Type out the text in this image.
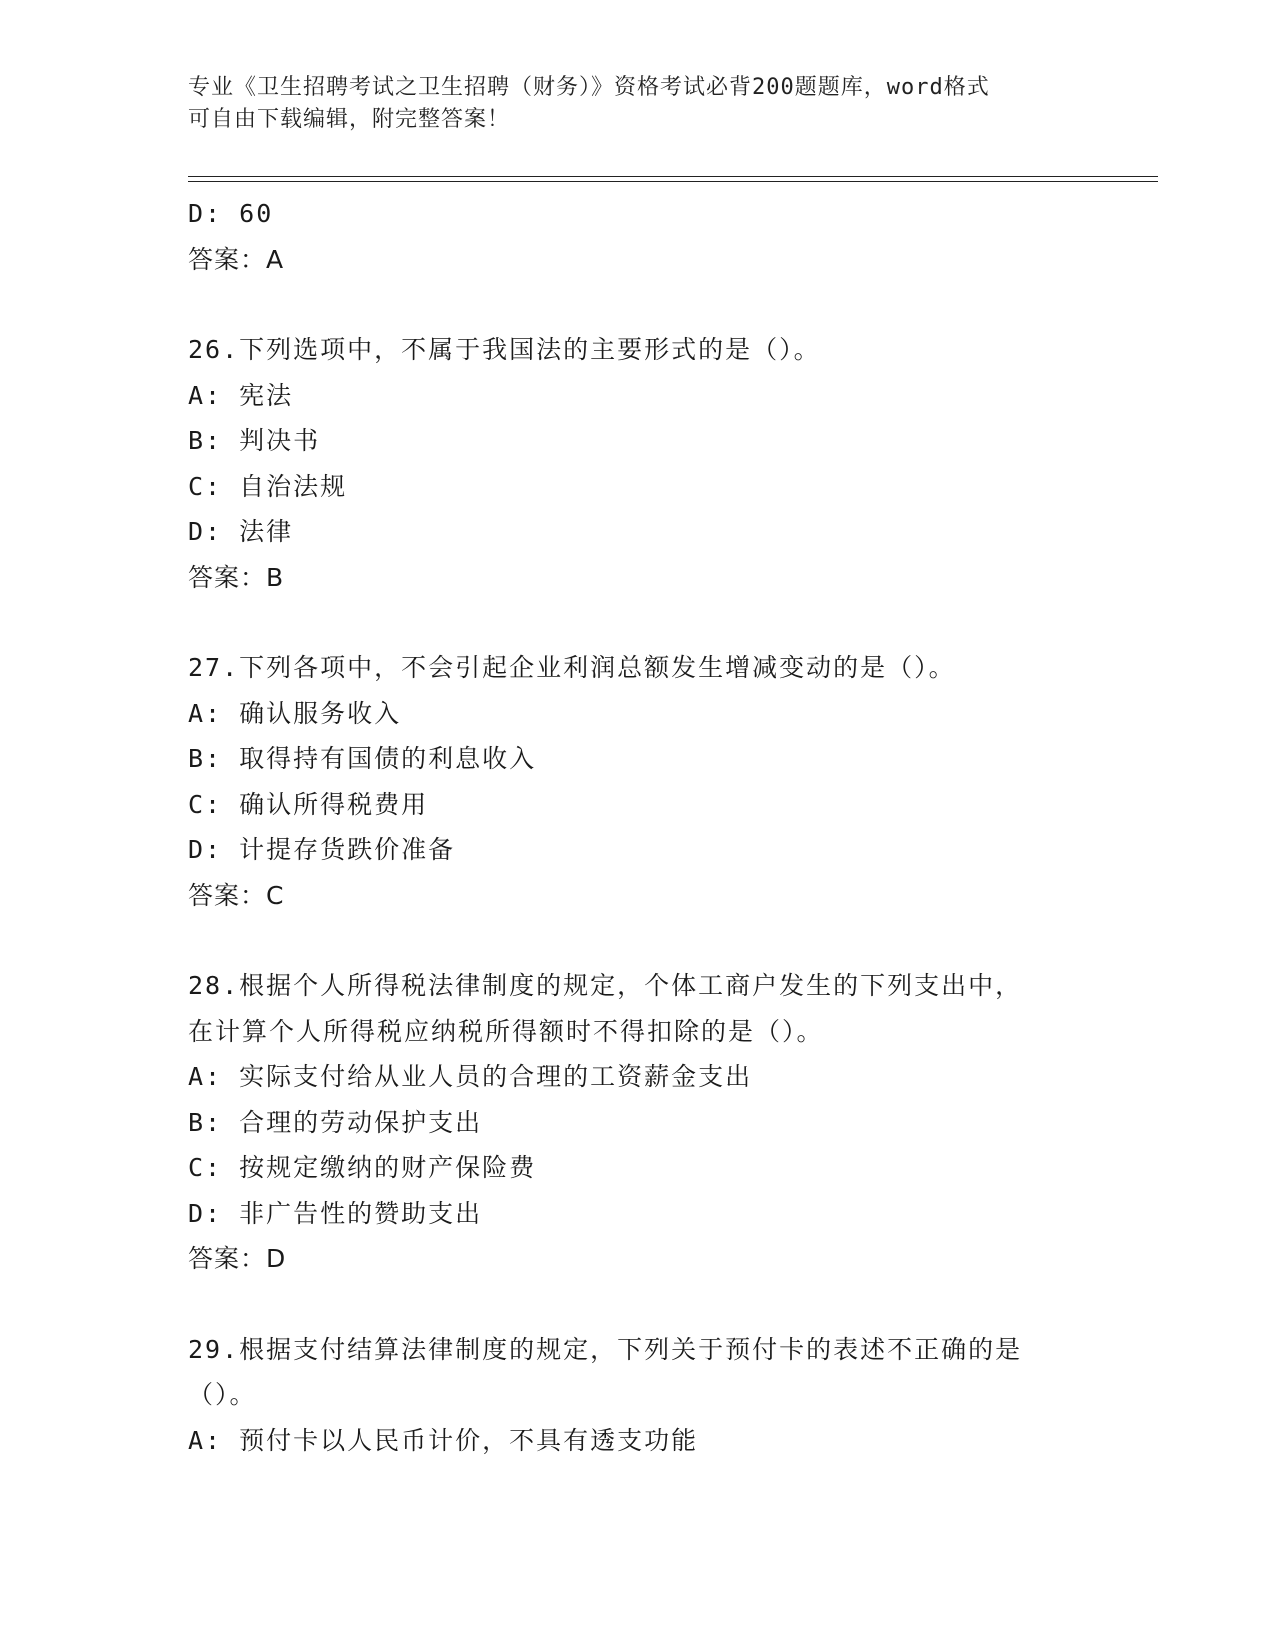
专业《卫生招聘考试之卫生招聘（财务）》资格考试必背200题题库，word格式
可自由下载编辑，附完整答案！
D: 60
答案：A
26.下列选项中，不属于我国法的主要形式的是（）。
A: 宪法
B: 判决书
C: 自治法规
D: 法律
答案：B
27.下列各项中，不会引起企业利润总额发生增减变动的是（）。
A: 确认服务收入
B: 取得持有国债的利息收入
C: 确认所得税费用
D: 计提存货跌价准备
答案：C
28.根据个人所得税法律制度的规定，个体工商户发生的下列支出中，
在计算个人所得税应纳税所得额时不得扣除的是（）。
A: 实际支付给从业人员的合理的工资薪金支出
B: 合理的劳动保护支出
C: 按规定缴纳的财产保险费
D: 非广告性的赞助支出
答案：D
29.根据支付结算法律制度的规定，下列关于预付卡的表述不正确的是
（）。
A: 预付卡以人民币计价，不具有透支功能
